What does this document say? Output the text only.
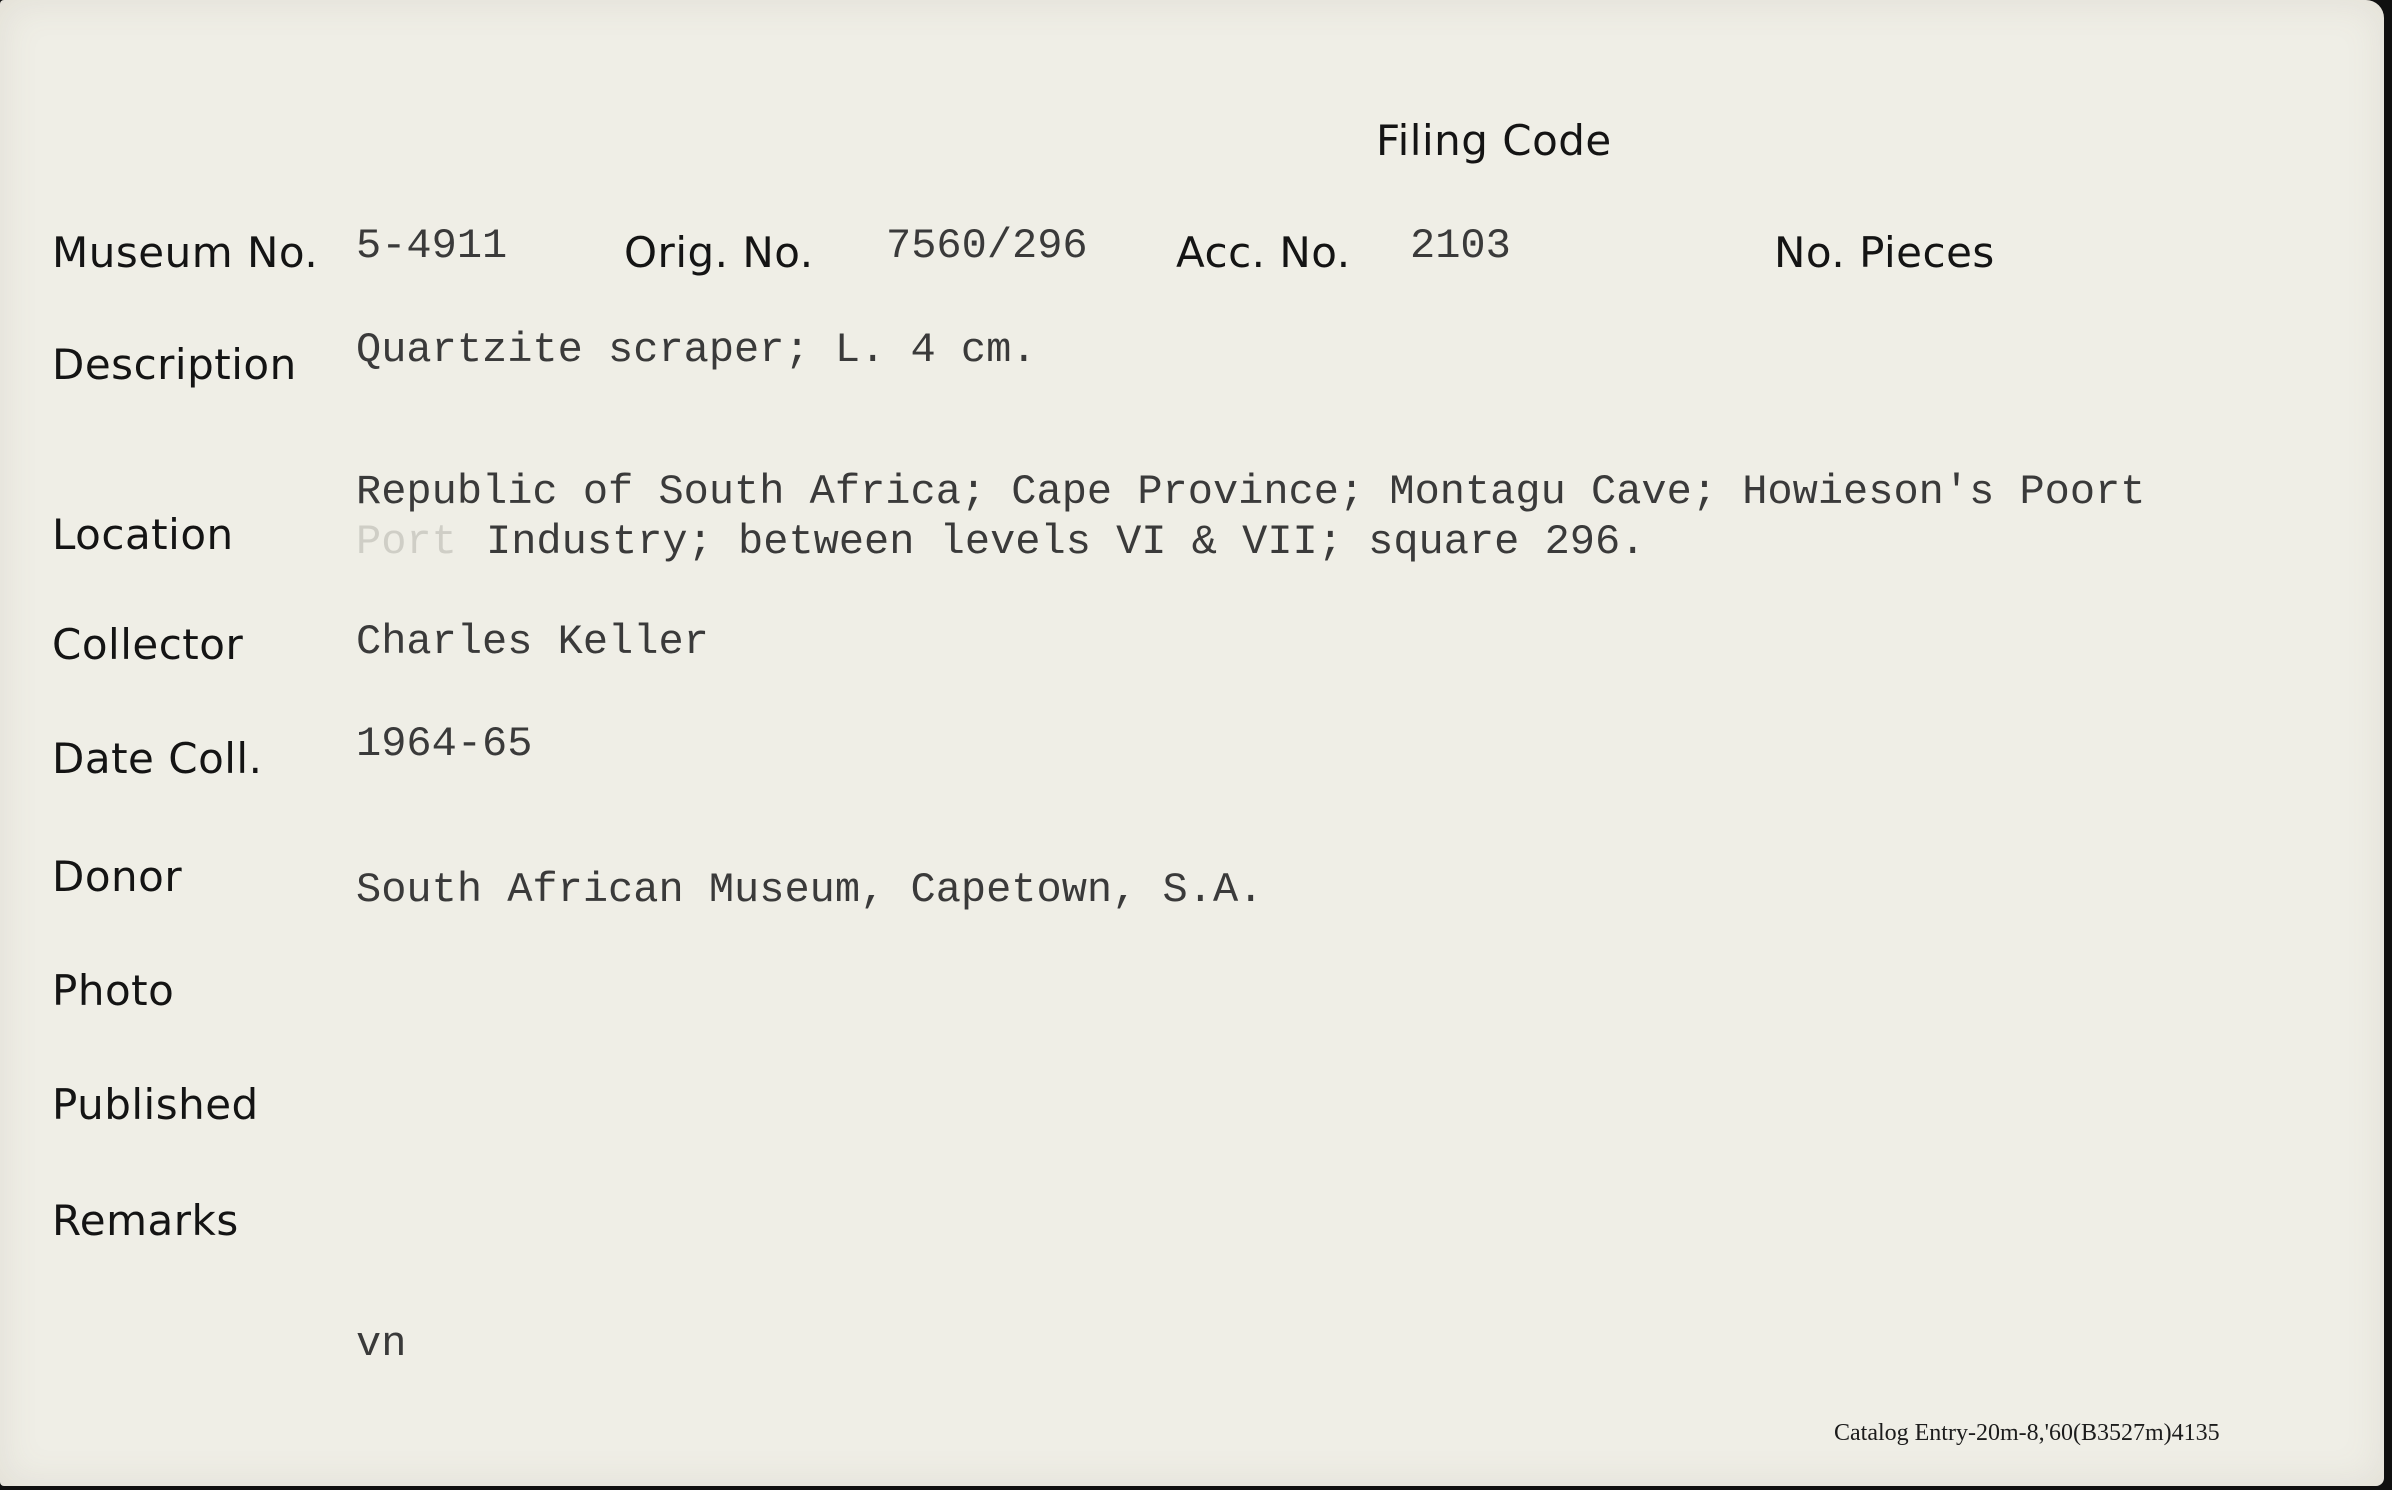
Filing Code
Museum No. 5-4911	Orig. No. 7560/296 Acc. No. 2103	No. Pieces
Description Quartzite scraper; L. 4 cm.
Location
Republic of South Africa; Cape Province; Montagu Cave; Howieson's Poort
Port Industry; between levels VI & VII; square 296.
Collector	Charles Keller
Date Coll. 1964-65
Donor	South African Museum, Capetown, S.A.
Photo
Published
Remarks
vn
Catalog Entry-20m-8,'60(B3527m)4135
